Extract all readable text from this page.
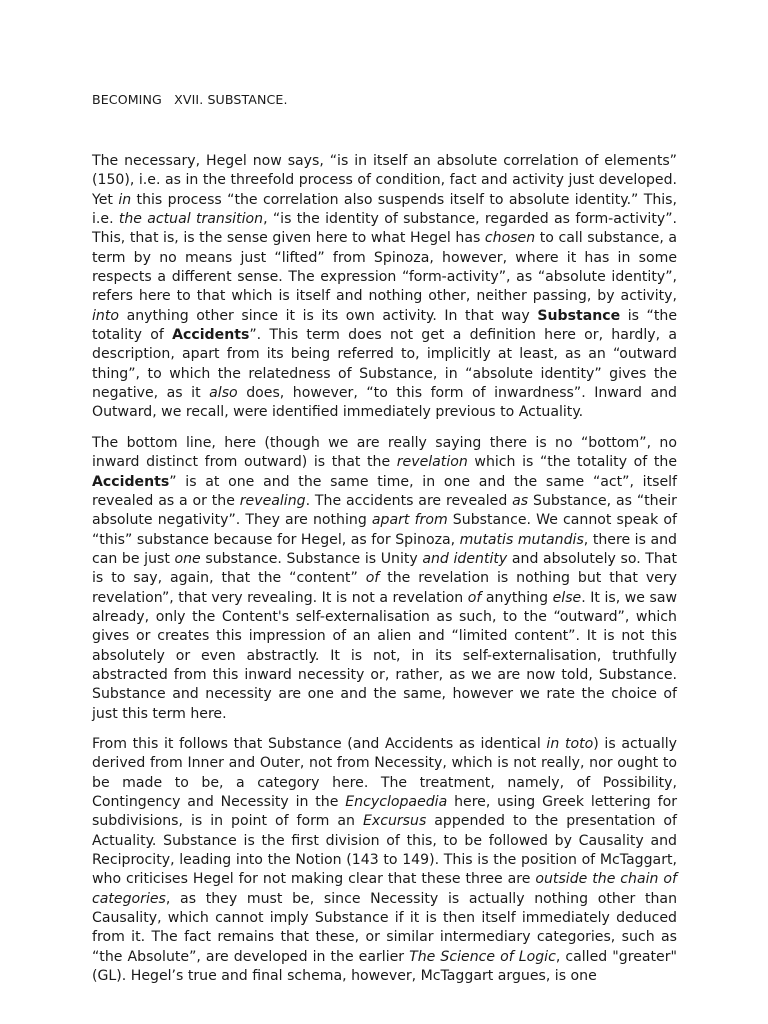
BECOMING   XVII. SUBSTANCE.

The necessary, Hegel now says, “is in itself an absolute correlation of elements” (150), i.e. as in the threefold process of condition, fact and activity just developed. Yet in this process “the correlation also suspends itself to absolute identity.” This, i.e. the actual transition, “is the identity of substance, regarded as form-activity”. This, that is, is the sense given here to what Hegel has chosen to call substance, a term by no means just “lifted” from Spinoza, however, where it has in some respects a different sense. The expression “form-activity”, as “absolute identity”, refers here to that which is itself and nothing other, neither passing, by activity, into anything other since it is its own activity. In that way Substance is “the totality of Accidents”. This term does not get a definition here or, hardly, a description, apart from its being referred to, implicitly at least, as an “outward thing”, to which the relatedness of Substance, in “absolute identity” gives the negative, as it also does, however, “to this form of inwardness”. Inward and Outward, we recall, were identified immediately previous to Actuality.

The bottom line, here (though we are really saying there is no “bottom”, no inward distinct from outward) is that the revelation which is “the totality of the Accidents” is at one and the same time, in one and the same “act”, itself revealed as a or the revealing. The accidents are revealed as Substance, as “their absolute negativity”. They are nothing apart from Substance. We cannot speak of “this” substance because for Hegel, as for Spinoza, mutatis mutandis, there is and can be just one substance. Substance is Unity and identity and absolutely so. That is to say, again, that the “content” of the revelation is nothing but that very revelation”, that very revealing. It is not a revelation of anything else. It is, we saw already, only the Content's self-externalisation as such, to the “outward”, which gives or creates this impression of an alien and “limited content”. It is not this absolutely or even abstractly. It is not, in its self-externalisation, truthfully abstracted from this inward necessity or, rather, as we are now told, Substance. Substance and necessity are one and the same, however we rate the choice of just this term here.

From this it follows that Substance (and Accidents as identical in toto) is actually derived from Inner and Outer, not from Necessity, which is not really, nor ought to be made to be, a category here. The treatment, namely, of Possibility, Contingency and Necessity in the Encyclopaedia here, using Greek lettering for subdivisions, is in point of form an Excursus appended to the presentation of Actuality. Substance is the first division of this, to be followed by Causality and Reciprocity, leading into the Notion (143 to 149). This is the position of McTaggart, who criticises Hegel for not making clear that these three are outside the chain of categories, as they must be, since Necessity is actually nothing other than Causality, which cannot imply Substance if it is then itself immediately deduced from it. The fact remains that these, or similar intermediary categories, such as “the Absolute”, are developed in the earlier The Science of Logic, called "greater" (GL). Hegel’s true and final schema, however, McTaggart argues, is one
